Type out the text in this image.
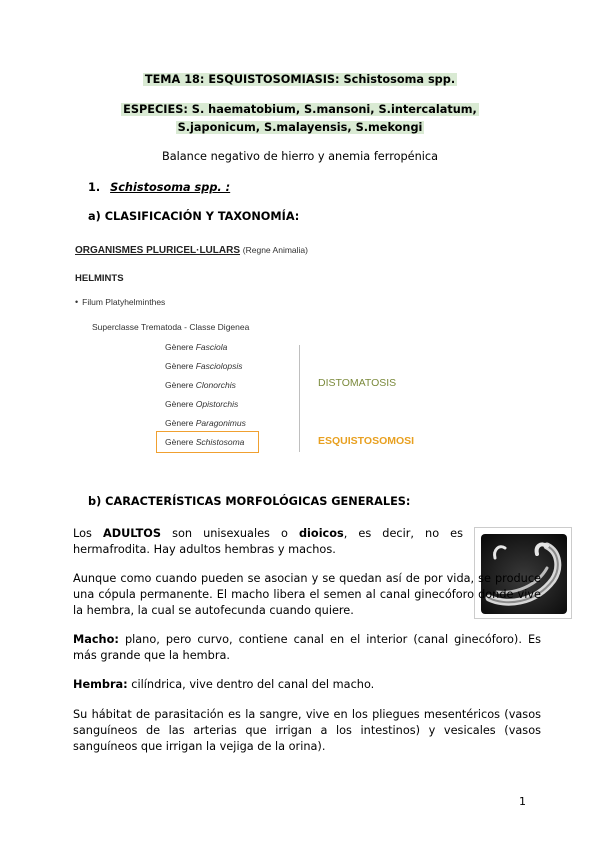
TEMA 18: ESQUISTOSOMIASIS: Schistosoma spp.
ESPECIES: S. haematobium, S.mansoni, S.intercalatum,
S.japonicum, S.malayensis, S.mekongi
Balance negativo de hierro y anemia ferropénica
1. Schistosoma spp. :
a) CLASIFICACIÓN Y TAXONOMÍA:
ORGANISMES PLURICEL·LULARS (Regne Animalia)
HELMINTS
• Filum Platyhelminthes
Superclasse Trematoda - Classe Digenea
Gènere Fasciola
Gènere Fasciolopsis
Gènere Clonorchis
Gènere Opistorchis
Gènere Paragonimus
Gènere Schistosoma
DISTOMATOSIS
ESQUISTOSOMOSI
b) CARACTERÍSTICAS MORFOLÓGICAS GENERALES:
Los ADULTOS son unisexuales o dioicos, es decir, no es hermafrodita. Hay adultos hembras y machos.
Aunque como cuando pueden se asocian y se quedan así de por vida, se produce una cópula permanente. El macho libera el semen al canal ginecóforo donde vive la hembra, la cual se autofecunda cuando quiere.
Macho: plano, pero curvo, contiene canal en el interior (canal ginecóforo). Es más grande que la hembra.
Hembra: cilíndrica, vive dentro del canal del macho.
Su hábitat de parasitación es la sangre, vive en los pliegues mesentéricos (vasos sanguíneos de las arterias que irrigan a los intestinos) y vesicales (vasos sanguíneos que irrigan la vejiga de la orina).
1
